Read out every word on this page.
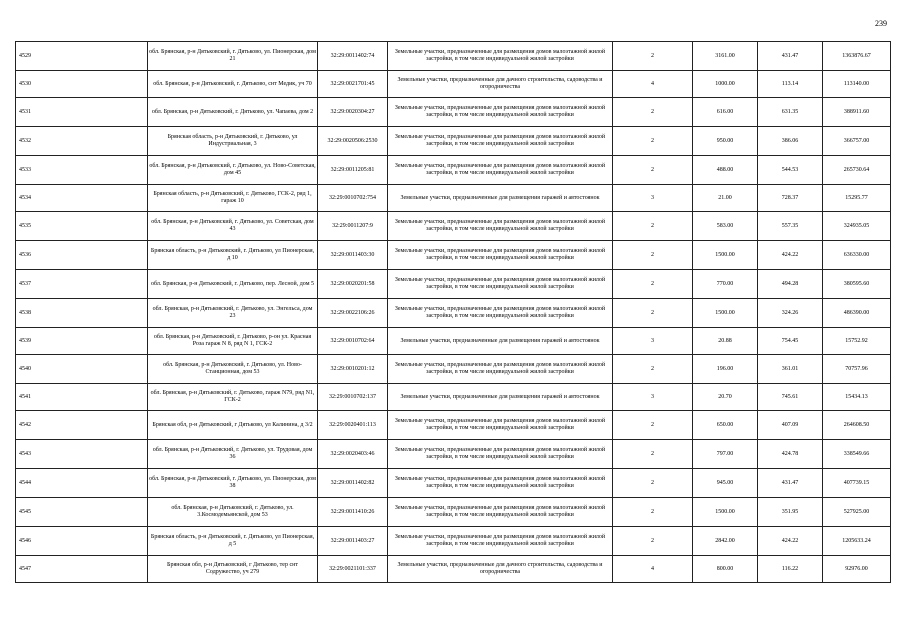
239
4529	обл. Брянская, р-н Дятьковский, г. Дятьково, ул. Пионерская, дом 21	32:29:0011402:74	Земельные участки, предназначенные для размещения домов малоэтажной жилой застройки, в том числе индивидуальной жилой застройки	2	3161.00	431.47	1363876.67
4530	обл. Брянская, р-н Дятьковский, г. Дятьково, снт Медик, уч 70	32:29:0021701:45	Земельные участки, предназначенные для дачного строительства, садоводства и огородничества	4	1000.00	113.14	113140.00
4531	обл. Брянская, р-н Дятьковский, г. Дятьково, ул. Чапаева, дом 2	32:29:0020304:27	Земельные участки, предназначенные для размещения домов малоэтажной жилой застройки, в том числе индивидуальной жилой застройки	2	616.00	631.35	388911.60
4532	Брянская область, р-н Дятьковский, г. Дятьково, ул Индустриальная, 3	32:29:0020506:2530	Земельные участки, предназначенные для размещения домов малоэтажной жилой застройки, в том числе индивидуальной жилой застройки	2	950.00	386.06	366757.00
4533	обл. Брянская, р-н Дятьковский, г. Дятьково, ул. Ново-Советская, дом 45	32:29:0011205:81	Земельные участки, предназначенные для размещения домов малоэтажной жилой застройки, в том числе индивидуальной жилой застройки	2	488.00	544.53	265730.64
4534	Брянская область, р-н Дятьковский, г. Дятьково, ГСК-2, ряд 1, гараж 10	32:29:0010702:754	Земельные участки, предназначенные для размещения гаражей и автостоянок	3	21.00	728.37	15295.77
4535	обл. Брянская, р-н Дятьковский, г. Дятьково, ул. Советская, дом 43	32:29:0011207:9	Земельные участки, предназначенные для размещения домов малоэтажной жилой застройки, в том числе индивидуальной жилой застройки	2	583.00	557.35	324935.05
4536	Брянская область, р-н Дятьковский, г. Дятьково, ул Пионерская, д 10	32:29:0011403:30	Земельные участки, предназначенные для размещения домов малоэтажной жилой застройки, в том числе индивидуальной жилой застройки	2	1500.00	424.22	636330.00
4537	обл. Брянская, р-н Дятьковский, г. Дятьково, пер. Лесной, дом 5	32:29:0020201:58	Земельные участки, предназначенные для размещения домов малоэтажной жилой застройки, в том числе индивидуальной жилой застройки	2	770.00	494.28	380595.60
4538	обл. Брянская, р-н Дятьковский, г. Дятьково, ул. Энгельса, дом 23	32:29:0022106:26	Земельные участки, предназначенные для размещения домов малоэтажной жилой застройки, в том числе индивидуальной жилой застройки	2	1500.00	324.26	486390.00
4539	обл. Брянская, р-н Дятьковский, г. Дятьково, р-он ул. Красная Роза гараж N 8, ряд N 1, ГСК-2	32:29:0010702:64	Земельные участки, предназначенные для размещения гаражей и автостоянок	3	20.88	754.45	15752.92
4540	обл. Брянская, р-н Дятьковский, г. Дятьково, ул. Ново-Станционная, дом 53	32:29:0010201:12	Земельные участки, предназначенные для размещения домов малоэтажной жилой застройки, в том числе индивидуальной жилой застройки	2	196.00	361.01	70757.96
4541	обл. Брянская, р-н Дятьковский, г. Дятьково, гараж N79, ряд N1, ГСК-2	32:29:0010702:137	Земельные участки, предназначенные для размещения гаражей и автостоянок	3	20.70	745.61	15434.13
4542	Брянская обл, р-н Дятьковский, г Дятьково, ул Калинина, д 3/2	32:29:0020401:113	Земельные участки, предназначенные для размещения домов малоэтажной жилой застройки, в том числе индивидуальной жилой застройки	2	650.00	407.09	264608.50
4543	обл. Брянская, р-н Дятьковский, г. Дятьково, ул. Трудовая, дом 36	32:29:0020403:46	Земельные участки, предназначенные для размещения домов малоэтажной жилой застройки, в том числе индивидуальной жилой застройки	2	797.00	424.78	338549.66
4544	обл. Брянская, р-н Дятьковский, г. Дятьково, ул. Пионерская, дом 38	32:29:0011402:82	Земельные участки, предназначенные для размещения домов малоэтажной жилой застройки, в том числе индивидуальной жилой застройки	2	945.00	431.47	407739.15
4545	обл. Брянская, р-н Дятьковский, г. Дятьково, ул. 3.Космодемьянской, дом 53	32:29:0011410:26	Земельные участки, предназначенные для размещения домов малоэтажной жилой застройки, в том числе индивидуальной жилой застройки	2	1500.00	351.95	527925.00
4546	Брянская область, р-н Дятьковский, г. Дятьково, ул Пионерская, д 5	32:29:0011403:27	Земельные участки, предназначенные для размещения домов малоэтажной жилой застройки, в том числе индивидуальной жилой застройки	2	2842.00	424.22	1205633.24
4547	Брянская обл, р-н Дятьковский, г Дятьково, тер снт Содружество, уч 279	32:29:0021101:337	Земельные участки, предназначенные для дачного строительства, садоводства и огородничества	4	800.00	116.22	92976.00
